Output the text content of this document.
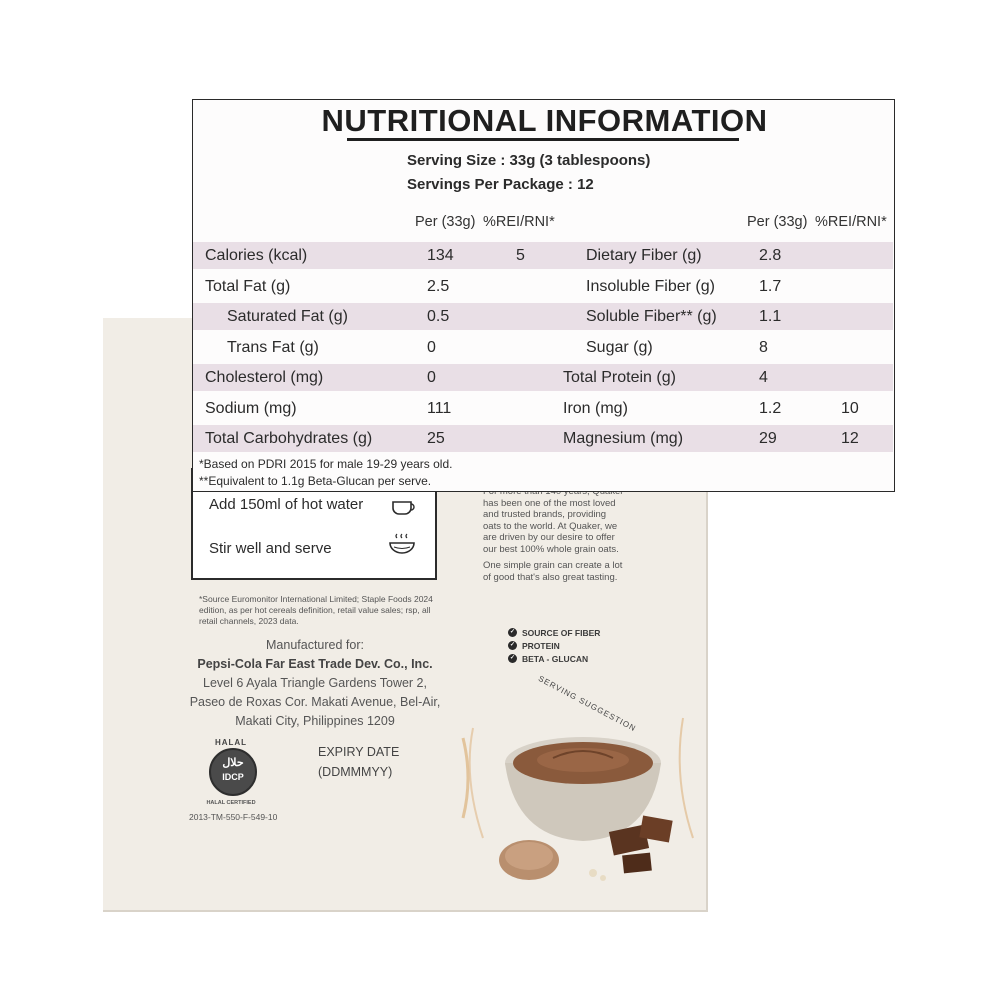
Add 150ml of hot water
Stir well and serve
*Source Euromonitor International Limited; Staple Foods 2024 edition, as per hot cereals definition, retail value sales; rsp, all retail channels, 2023 data.
Manufactured for:
Pepsi-Cola Far East Trade Dev. Co., Inc.
Level 6 Ayala Triangle Gardens Tower 2,
Paseo de Roxas Cor. Makati Avenue, Bel-Air,
Makati City, Philippines 1209
HALAL
حلال
IDCP
HALAL CERTIFIED
2013-TM-550-F-549-10
EXPIRY DATE
(DDMMMYY)

has been one of the most loved and trusted brands, providing oats to the world. At Quaker, we are driven by our desire to offer our best 100% whole grain oats.

One simple grain can create a lot of good that's also great tasting.

✓ SOURCE OF FIBER
✓ PROTEIN
✓ BETA - GLUCAN
SERVING SUGGESTION
NUTRITIONAL INFORMATION
Serving Size : 33g (3 tablespoons)
Servings Per Package : 12
Per (33g) %REI/RNI*	Per (33g) %REI/RNI*
Calories (kcal)	134	5	Dietary Fiber (g)	2.8
Total Fat (g)	2.5	Insoluble Fiber (g)	1.7
Saturated Fat (g)	0.5	Soluble Fiber** (g)	1.1
Trans Fat (g)	0	Sugar (g)	8
Cholesterol (mg)	0	Total Protein (g)	4
Sodium (mg)	111	Iron (mg)	1.2	10
Total Carbohydrates (g)	25	Magnesium (mg)	29	12
*Based on PDRI 2015 for male 19-29 years old.
**Equivalent to 1.1g Beta-Glucan per serve.
